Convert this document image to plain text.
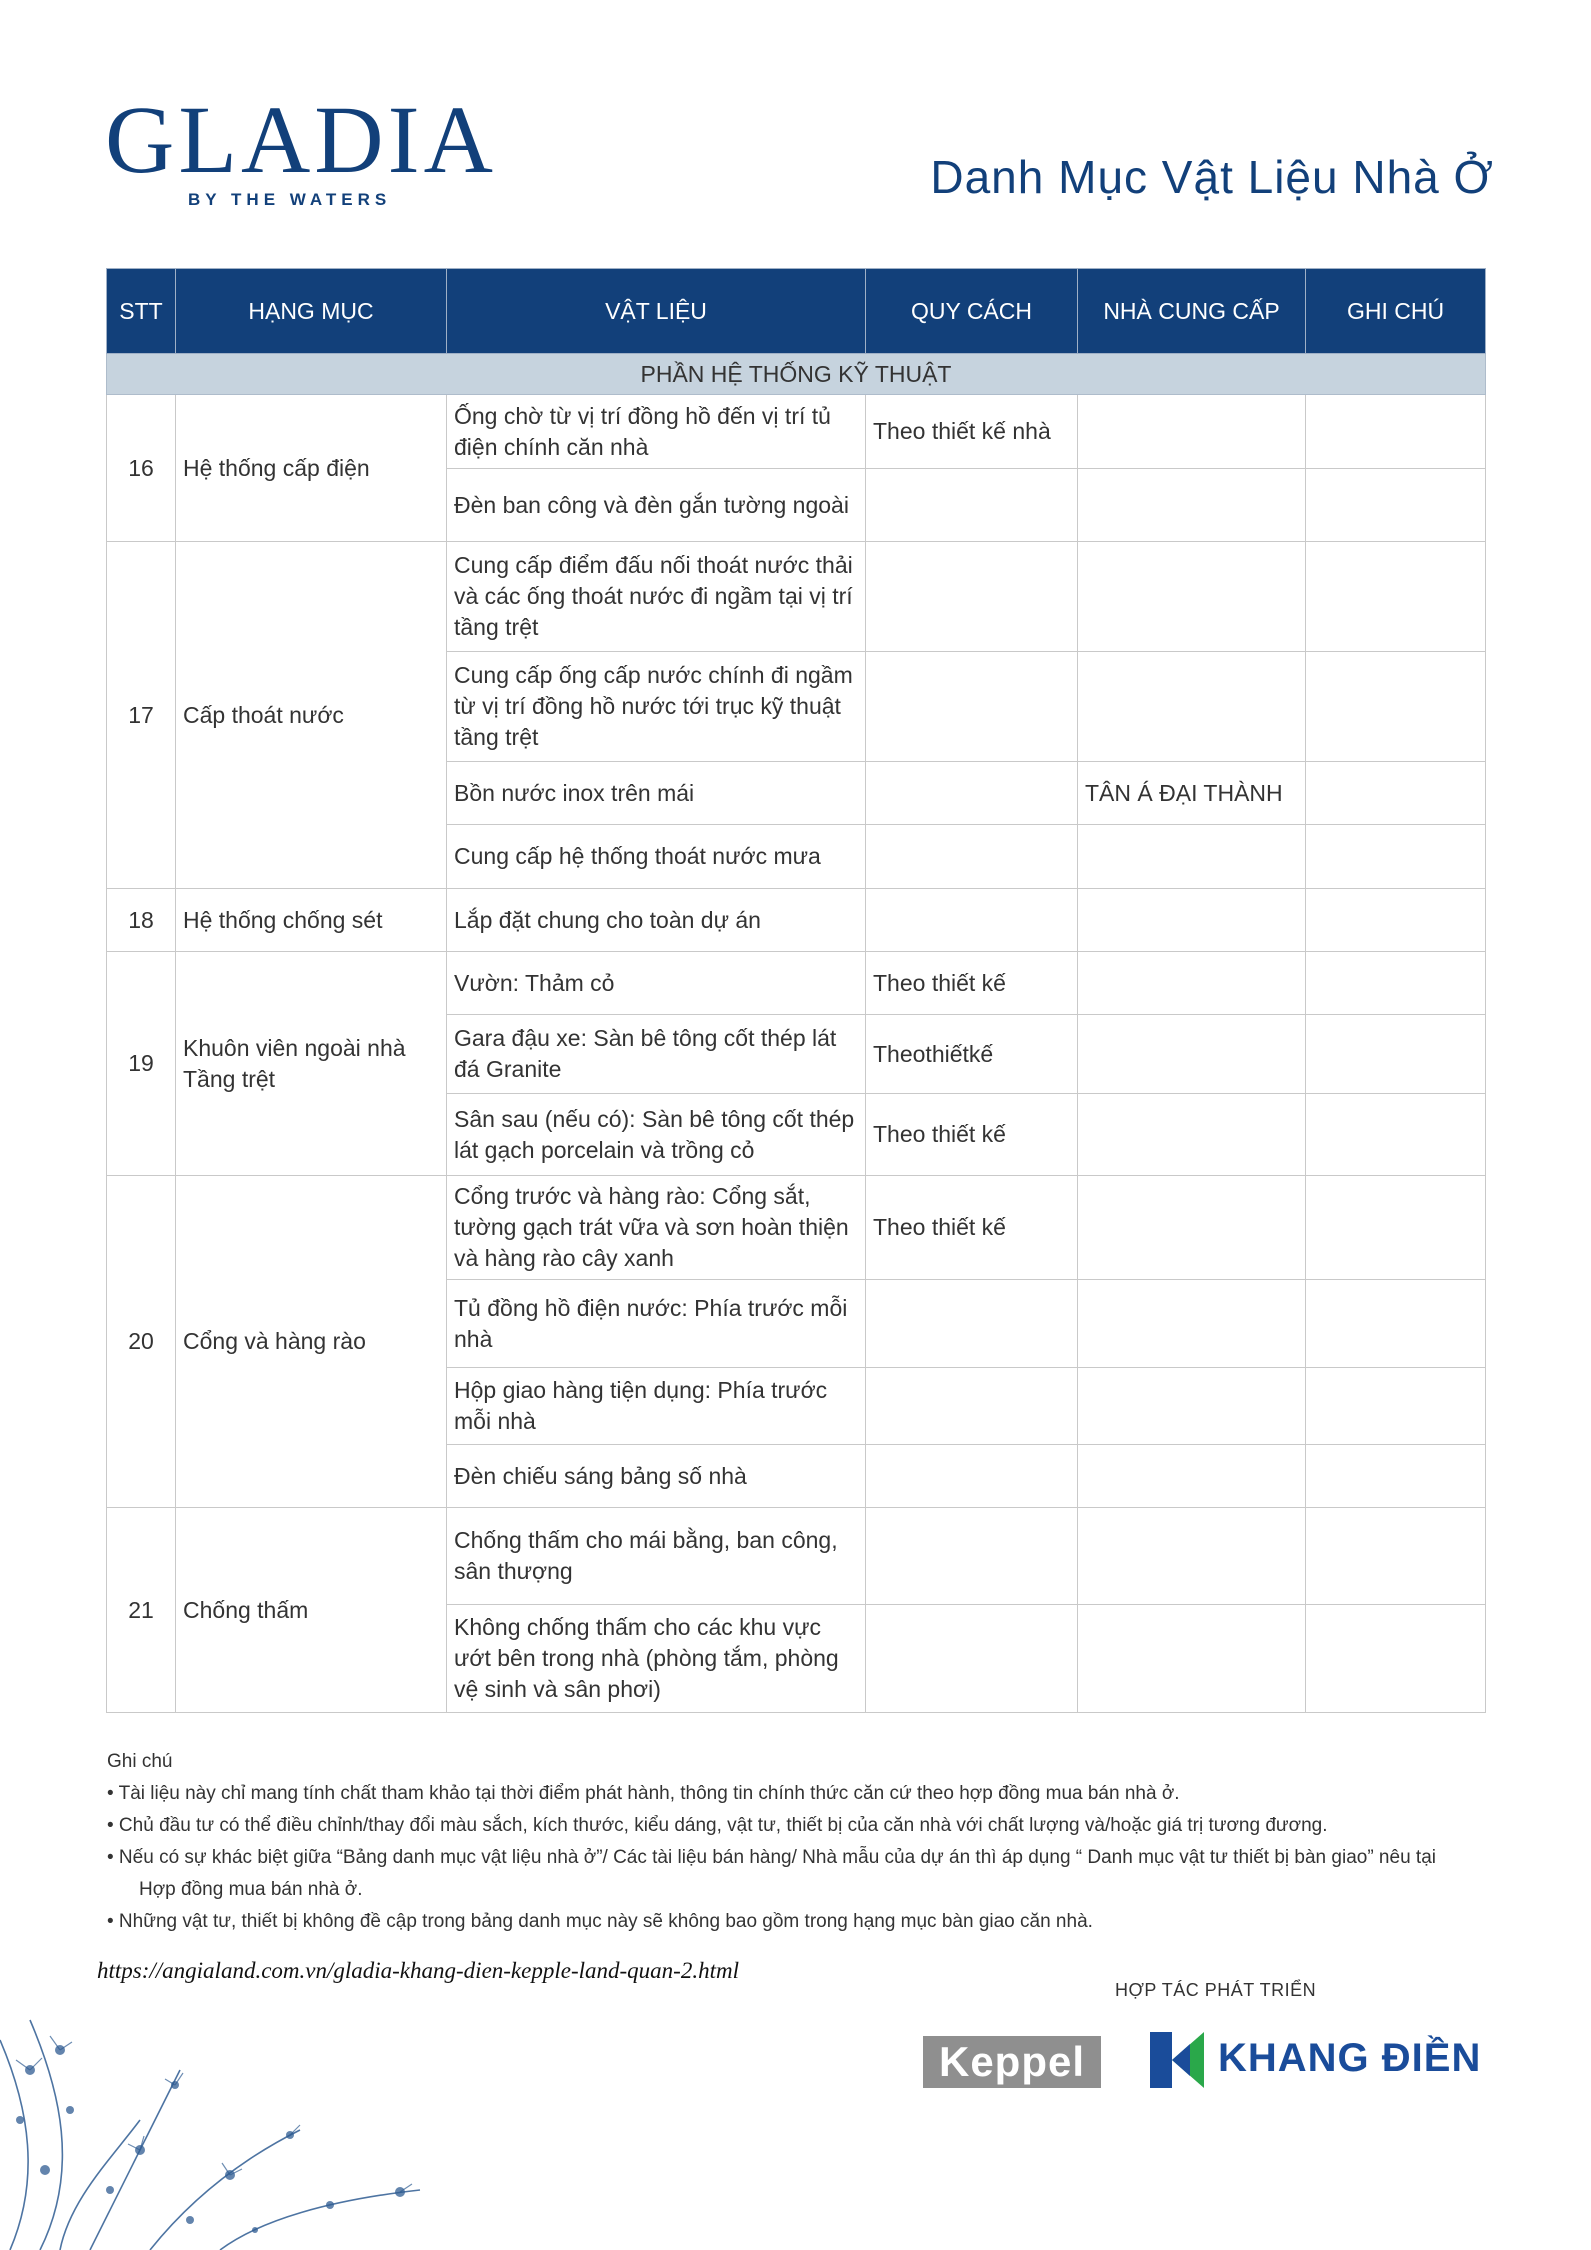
GLADIA
BY THE WATERS	Danh Mục Vật Liệu Nhà Ở
STT	HẠNG MỤC	VẬT LIỆU	QUY CÁCH	NHÀ CUNG CẤP	GHI CHÚ
PHẦN HỆ THỐNG KỸ THUẬT					
16	Hệ thống cấp điện	Ống chờ từ vị trí đồng hồ đến vị trí tủ điện chính căn nhà	Theo thiết kế nhà		
		Đèn ban công và đèn gắn tường ngoài			
17	Cấp thoát nước	Cung cấp điểm đấu nối thoát nước thải và các ống thoát nước đi ngầm tại vị trí tầng trệt			
		Cung cấp ống cấp nước chính đi ngầm từ vị trí đồng hồ nước tới trục kỹ thuật tầng trệt			
		Bồn nước inox trên mái		TÂN Á ĐẠI THÀNH	
		Cung cấp hệ thống thoát nước mưa			
18	Hệ thống chống sét	Lắp đặt chung cho toàn dự án			
19	Khuôn viên ngoài nhà Tầng trệt	Vườn: Thảm cỏ	Theo thiết kế		
		Gara đậu xe: Sàn bê tông cốt thép lát đá Granite	Theothiếtkế		
		Sân sau (nếu có): Sàn bê tông cốt thép lát gạch porcelain và trồng cỏ	Theo thiết kế		
20	Cổng và hàng rào	Cổng trước và hàng rào: Cổng sắt, tường gạch trát vữa và sơn hoàn thiện và hàng rào cây xanh	Theo thiết kế		
		Tủ đồng hồ điện nước: Phía trước mỗi nhà			
		Hộp giao hàng tiện dụng: Phía trước mỗi nhà			
		Đèn chiếu sáng bảng số nhà			
21	Chống thấm	Chống thấm cho mái bằng, ban công, sân thượng			
		Không chống thấm cho các khu vực ướt bên trong nhà (phòng tắm, phòng vệ sinh và sân phơi)			

Ghi chú

• Tài liệu này chỉ mang tính chất tham khảo tại thời điểm phát hành, thông tin chính thức căn cứ theo hợp đồng mua bán nhà ở.

• Chủ đầu tư có thể điều chỉnh/thay đổi màu sắch, kích thước, kiểu dáng, vật tư, thiết bị của căn nhà với chất lượng và/hoặc giá trị tương đương.

• Nếu có sự khác biệt giữa “Bảng danh mục vật liệu nhà ở”/ Các tài liệu bán hàng/ Nhà mẫu của dự án thì áp dụng “ Danh mục vật tư thiết bị bàn giao” nêu tại

Hợp đồng mua bán nhà ở.

• Những vật tư, thiết bị không đề cập trong bảng danh mục này sẽ không bao gồm trong hạng mục bàn giao căn nhà.

https://angialand.com.vn/gladia-khang-dien-kepple-land-quan-2.html
HỢP TÁC PHÁT TRIỂN
Keppel	KHANG ĐIỀN
